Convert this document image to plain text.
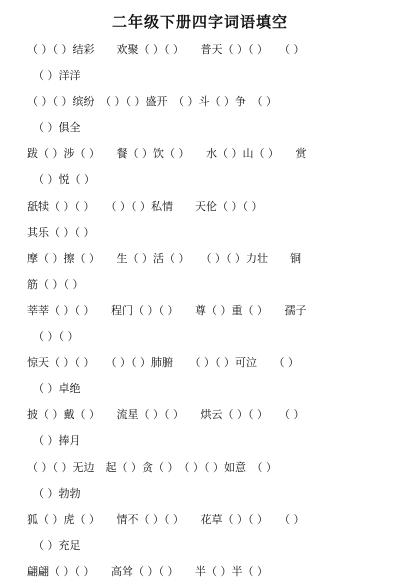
二年级下册四字词语填空
（ ）（ ）结彩　　欢聚（ ）（ ）　　普天（ ）（ ）　　（ ）
（ ）洋洋
（ ）（ ）缤纷　（ ）（ ）盛开　（ ）斗（ ）争　（ ）
（ ）俱全
跋（ ）涉（ ）　　餐（ ）饮（ ）　　水（ ）山（ ）　　赏
（ ）悦（ ）
舐犊（ ）（ ）　　（ ）（ ）私情　　天伦（ ）（ ）
其乐（ ）（ ）
摩（ ）擦（ ）　　生（ ）活（ ）　　（ ）（ ）力壮　　铜
筋（ ）（ ）
莘莘（ ）（ ）　　程门（ ）（ ）　　尊（ ）重（ ）　　孺子
（ ）（ ）
惊天（ ）（ ）　　（ ）（ ）肺腑　　（ ）（ ）可泣　　（ ）
（ ）卓绝
披（ ）戴（ ）　　流星（ ）（ ）　　烘云（ ）（ ）　　（ ）
（ ）捧月
（ ）（ ）无边　起（ ）贪（ ）　（ ）（ ）如意　（ ）
（ ）勃勃
狐（ ）虎（ ）　　情不（ ）（ ）　　花草（ ）（ ）　　（ ）
（ ）充足
翩翩（ ）（ ）　　高耸（ ）（ ）　　半（ ）半（ ）
